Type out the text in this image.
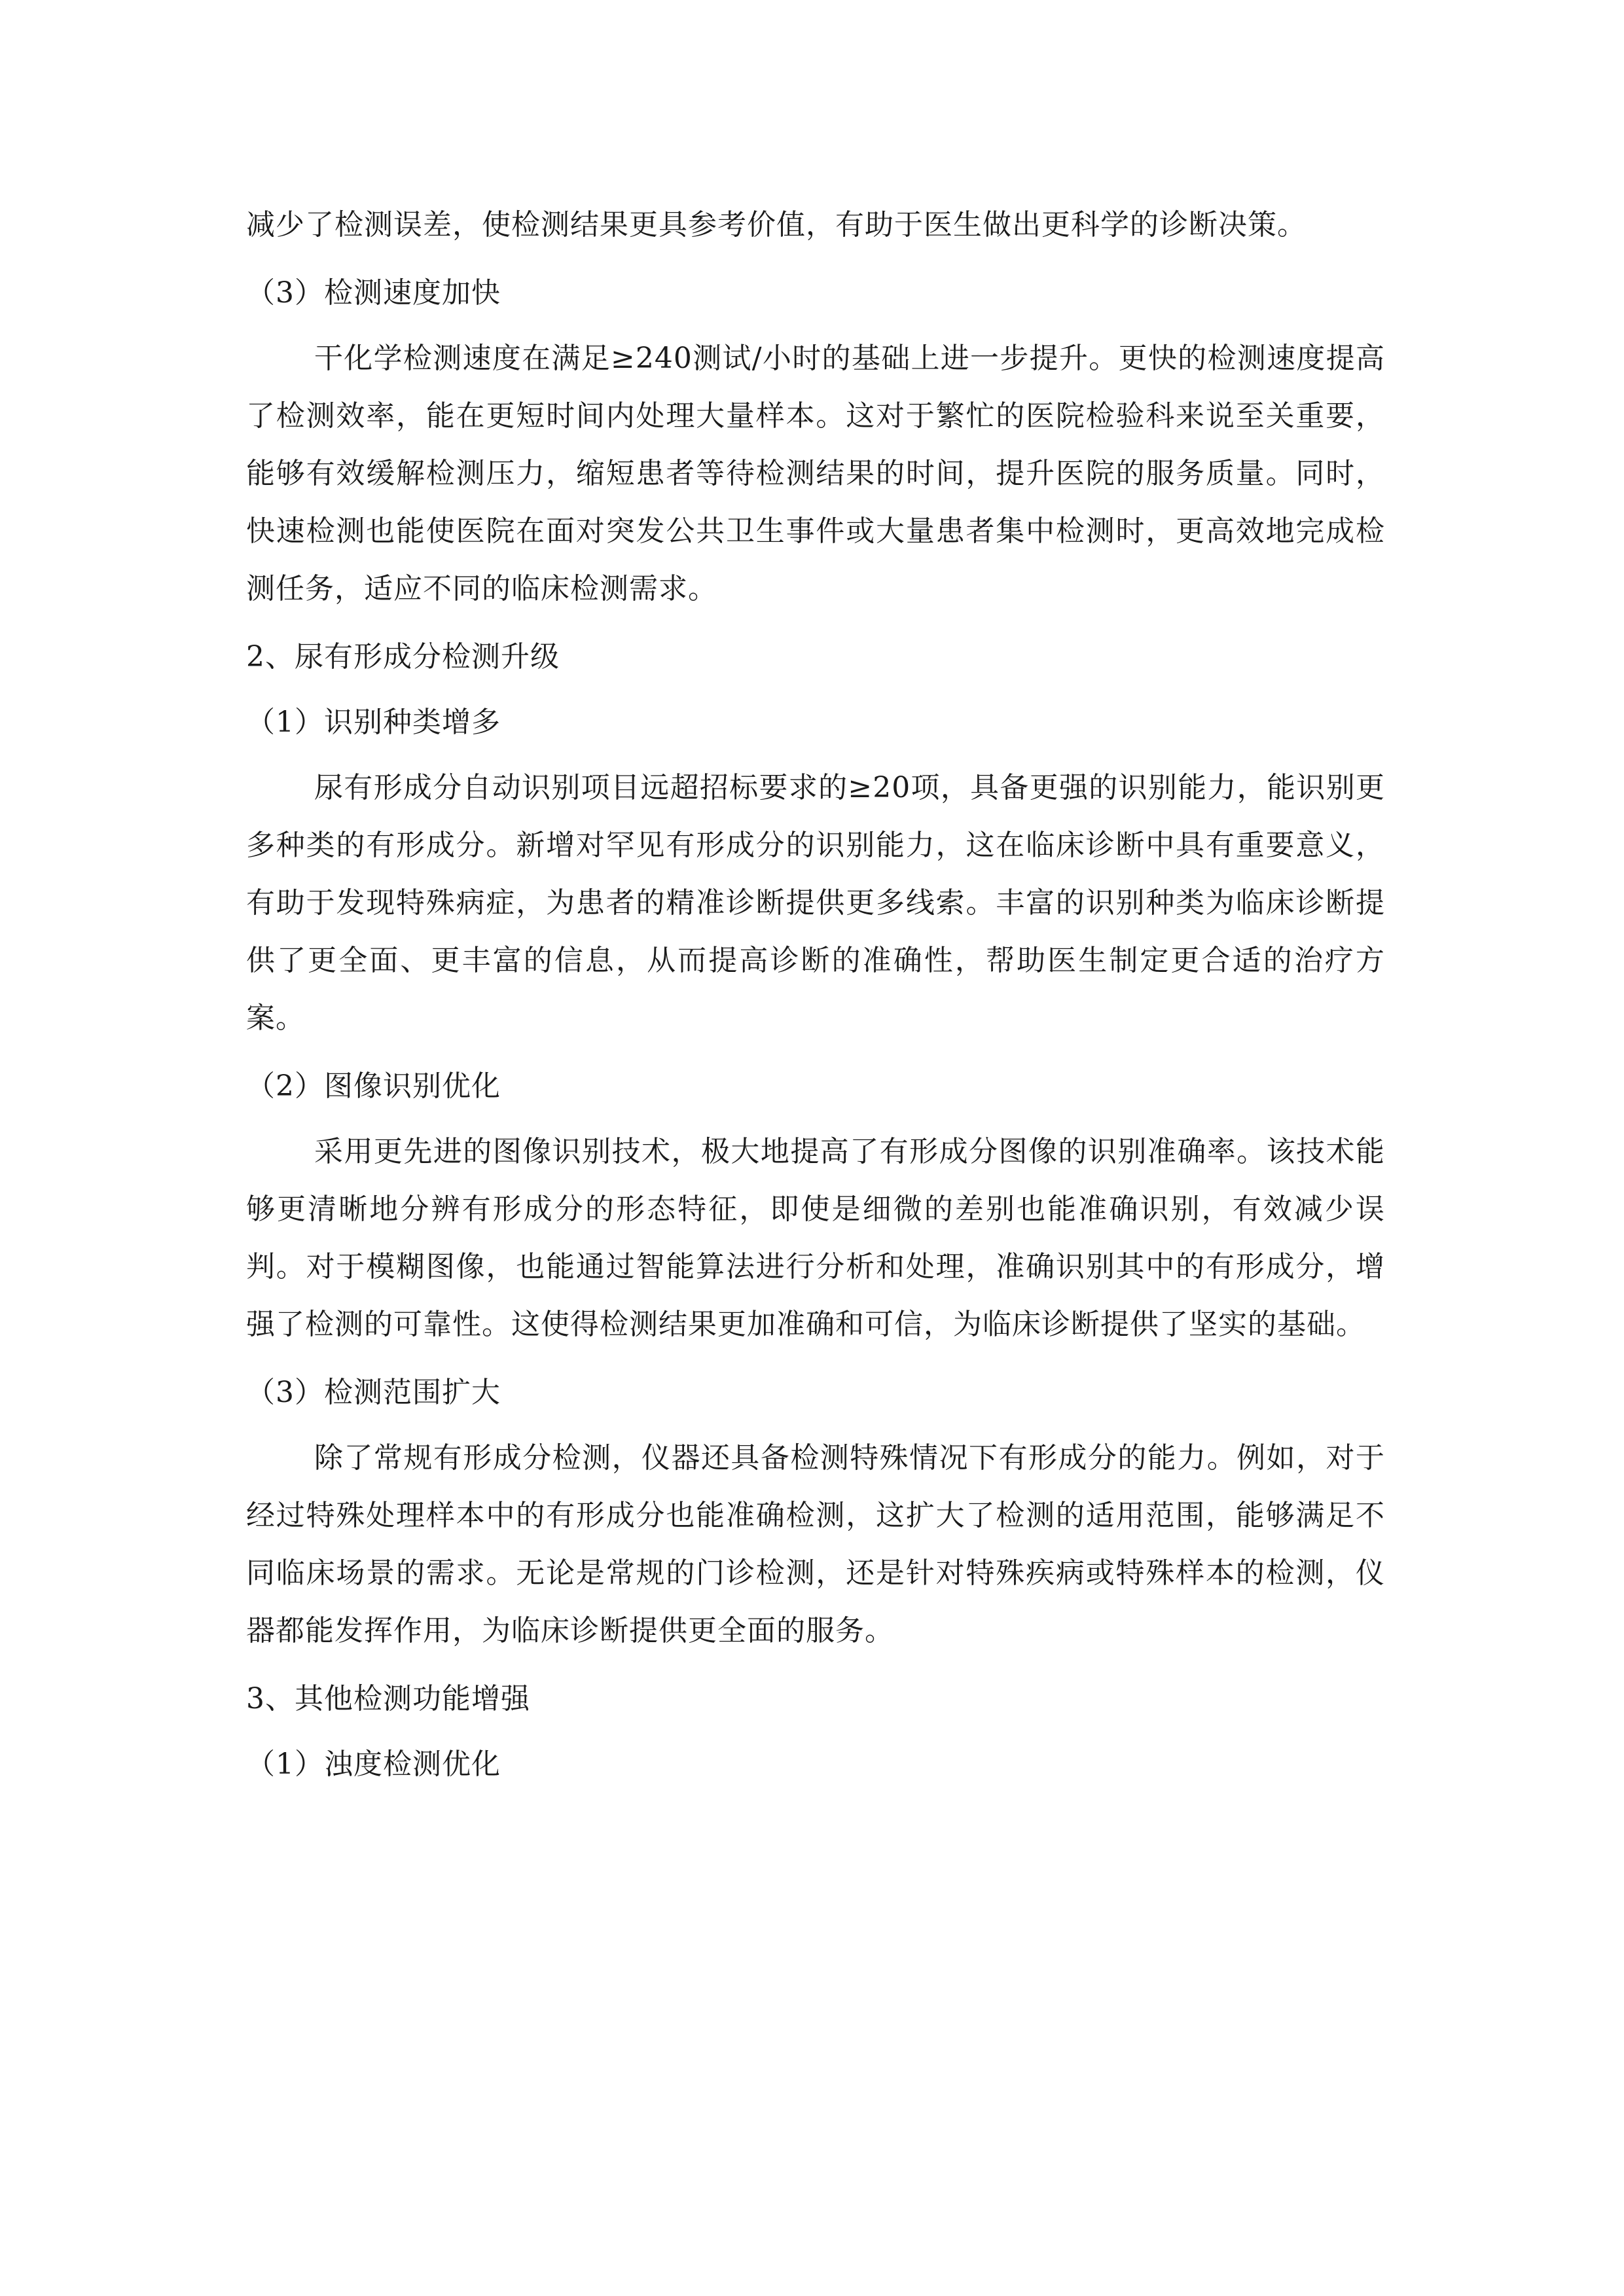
减少了检测误差，使检测结果更具参考价值，有助于医生做出更科学的诊断决策。

（3）检测速度加快

干化学检测速度在满足≥240测试/小时的基础上进一步提升。更快的检测速度提高了检测效率，能在更短时间内处理大量样本。这对于繁忙的医院检验科来说至关重要，能够有效缓解检测压力，缩短患者等待检测结果的时间，提升医院的服务质量。同时，快速检测也能使医院在面对突发公共卫生事件或大量患者集中检测时，更高效地完成检测任务，适应不同的临床检测需求。

2、尿有形成分检测升级
（1）识别种类增多

尿有形成分自动识别项目远超招标要求的≥20项，具备更强的识别能力，能识别更多种类的有形成分。新增对罕见有形成分的识别能力，这在临床诊断中具有重要意义，有助于发现特殊病症，为患者的精准诊断提供更多线索。丰富的识别种类为临床诊断提供了更全面、更丰富的信息，从而提高诊断的准确性，帮助医生制定更合适的治疗方案。

（2）图像识别优化

采用更先进的图像识别技术，极大地提高了有形成分图像的识别准确率。该技术能够更清晰地分辨有形成分的形态特征，即使是细微的差别也能准确识别，有效减少误判。对于模糊图像，也能通过智能算法进行分析和处理，准确识别其中的有形成分，增强了检测的可靠性。这使得检测结果更加准确和可信，为临床诊断提供了坚实的基础。

（3）检测范围扩大

除了常规有形成分检测，仪器还具备检测特殊情况下有形成分的能力。例如，对于经过特殊处理样本中的有形成分也能准确检测，这扩大了检测的适用范围，能够满足不同临床场景的需求。无论是常规的门诊检测，还是针对特殊疾病或特殊样本的检测，仪器都能发挥作用，为临床诊断提供更全面的服务。

3、其他检测功能增强
（1）浊度检测优化
